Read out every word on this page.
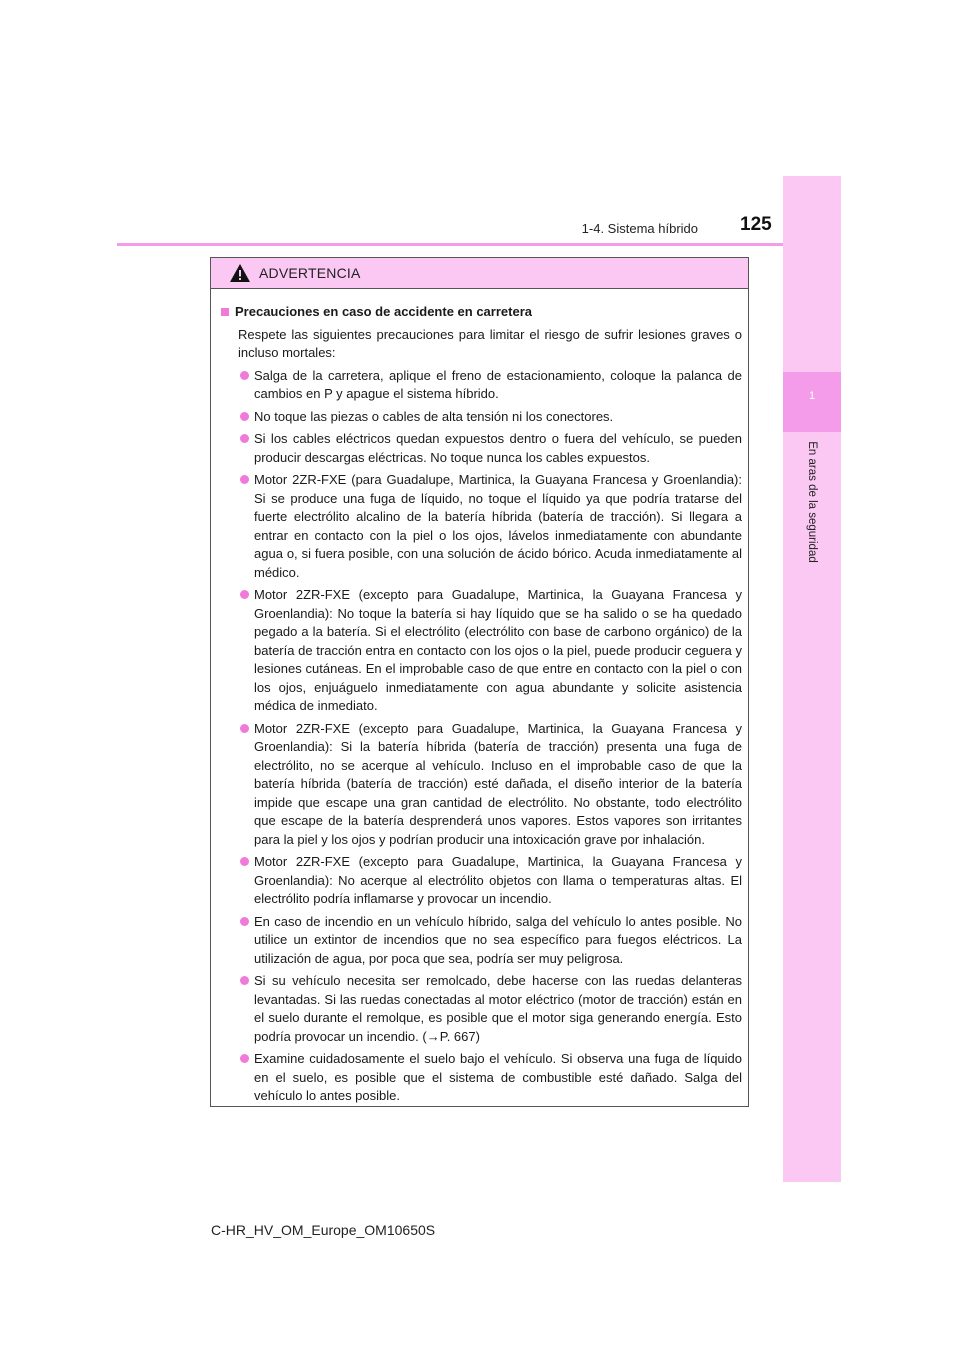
1
En aras de la seguridad
125
1-4. Sistema híbrido
ADVERTENCIA
Precauciones en caso de accidente en carretera
Respete las siguientes precauciones para limitar el riesgo de sufrir lesiones graves o incluso mortales:
Salga de la carretera, aplique el freno de estacionamiento, coloque la palanca de cambios en P y apague el sistema híbrido.
No toque las piezas o cables de alta tensión ni los conectores.
Si los cables eléctricos quedan expuestos dentro o fuera del vehículo, se pueden producir descargas eléctricas. No toque nunca los cables expuestos.
Motor 2ZR-FXE (para Guadalupe, Martinica, la Guayana Francesa y Groenlandia): Si se produce una fuga de líquido, no toque el líquido ya que podría tratarse del fuerte electrólito alcalino de la batería híbrida (batería de tracción). Si llegara a entrar en contacto con la piel o los ojos, lávelos inmediatamente con abundante agua o, si fuera posible, con una solución de ácido bórico. Acuda inmediatamente al médico.
Motor 2ZR-FXE (excepto para Guadalupe, Martinica, la Guayana Francesa y Groenlandia): No toque la batería si hay líquido que se ha salido o se ha quedado pegado a la batería. Si el electrólito (electrólito con base de carbono orgánico) de la batería de tracción entra en contacto con los ojos o la piel, puede producir ceguera y lesiones cutáneas. En el improbable caso de que entre en contacto con la piel o con los ojos, enjuáguelo inmediatamente con agua abundante y solicite asistencia médica de inmediato.
Motor 2ZR-FXE (excepto para Guadalupe, Martinica, la Guayana Francesa y Groenlandia): Si la batería híbrida (batería de tracción) presenta una fuga de electrólito, no se acerque al vehículo. Incluso en el improbable caso de que la batería híbrida (batería de tracción) esté dañada, el diseño interior de la batería impide que escape una gran cantidad de electrólito. No obstante, todo electrólito que escape de la batería desprenderá unos vapores. Estos vapores son irritantes para la piel y los ojos y podrían producir una intoxicación grave por inhalación.
Motor 2ZR-FXE (excepto para Guadalupe, Martinica, la Guayana Francesa y Groenlandia): No acerque al electrólito objetos con llama o temperaturas altas. El electrólito podría inflamarse y provocar un incendio.
En caso de incendio en un vehículo híbrido, salga del vehículo lo antes posible. No utilice un extintor de incendios que no sea específico para fuegos eléctricos. La utilización de agua, por poca que sea, podría ser muy peligrosa.
Si su vehículo necesita ser remolcado, debe hacerse con las ruedas delanteras levantadas. Si las ruedas conectadas al motor eléctrico (motor de tracción) están en el suelo durante el remolque, es posible que el motor siga generando energía. Esto podría provocar un incendio. (→P. 667)
Examine cuidadosamente el suelo bajo el vehículo. Si observa una fuga de líquido en el suelo, es posible que el sistema de combustible esté dañado. Salga del vehículo lo antes posible.
C-HR_HV_OM_Europe_OM10650S
